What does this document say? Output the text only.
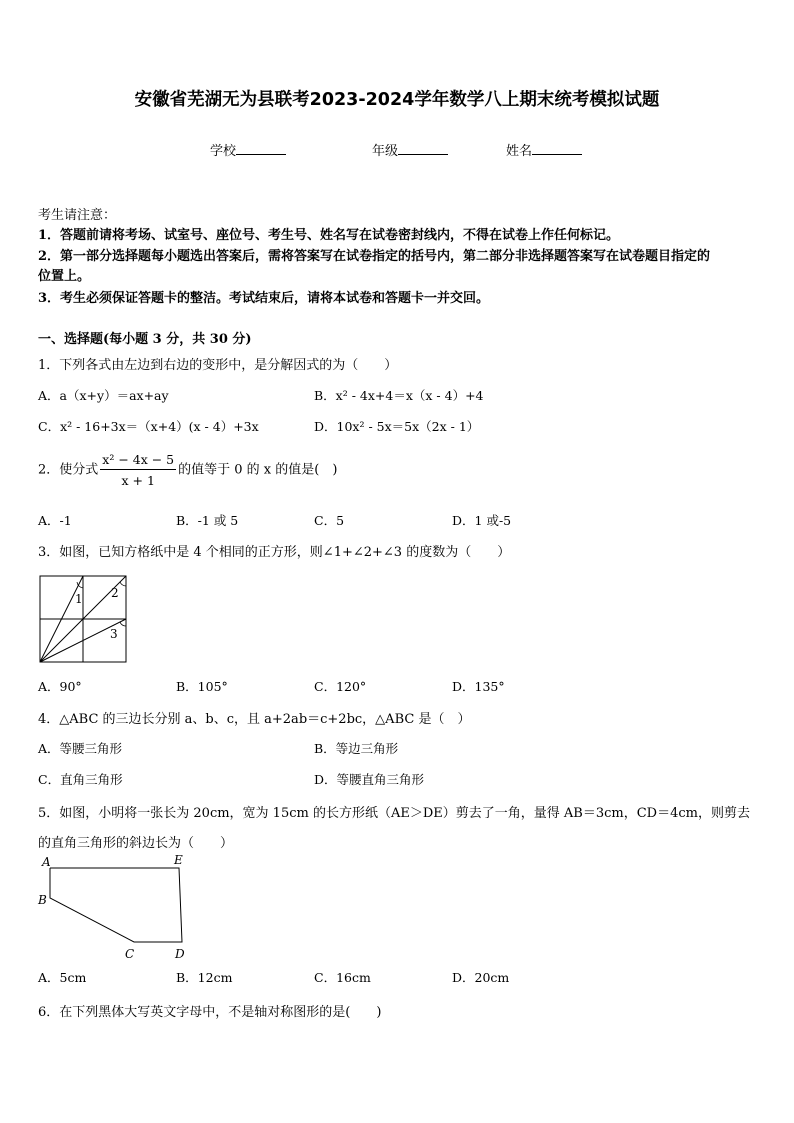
安徽省芜湖无为县联考2023-2024学年数学八上期末统考模拟试题
学校	年级	姓名
考生请注意：
1．答题前请将考场、试室号、座位号、考生号、姓名写在试卷密封线内，不得在试卷上作任何标记。
2．第一部分选择题每小题选出答案后，需将答案写在试卷指定的括号内，第二部分非选择题答案写在试卷题目指定的
位置上。
3．考生必须保证答题卡的整洁。考试结束后，请将本试卷和答题卡一并交回。
一、选择题(每小题 3 分，共 30 分)
1．下列各式由左边到右边的变形中，是分解因式的为（　　）
A．a（x+y）＝ax+ay	B．x² - 4x+4＝x（x - 4）+4
C．x² - 16+3x＝（x+4）(x - 4）+3x	D．10x² - 5x＝5x（2x - 1）
2．使分式 $\frac{\text{x² − 4x − 5}}{x + 1}$ 的值等于 0 的 x 的值是(　)
A．-1	B．-1 或 5	C．5	D．1 或-5
3．如图，已知方格纸中是 4 个相同的正方形，则∠1+∠2+∠3 的度数为（　　）
1 2
3
A．90°	B．105°	C．120°	D．135°
4．△ABC 的三边长分别 a、b、c，且 a+2ab＝c+2bc，△ABC 是（　）
A．等腰三角形	B．等边三角形
C．直角三角形	D．等腰直角三角形
5．如图，小明将一张长为 20cm，宽为 15cm 的长方形纸（AE＞DE）剪去了一角，量得 AB＝3cm，CD＝4cm，则剪去
的直角三角形的斜边长为（　　）
A	E
B
C	D
A．5cm	B．12cm	C．16cm	D．20cm
6．在下列黑体大写英文字母中，不是轴对称图形的是(　　)
